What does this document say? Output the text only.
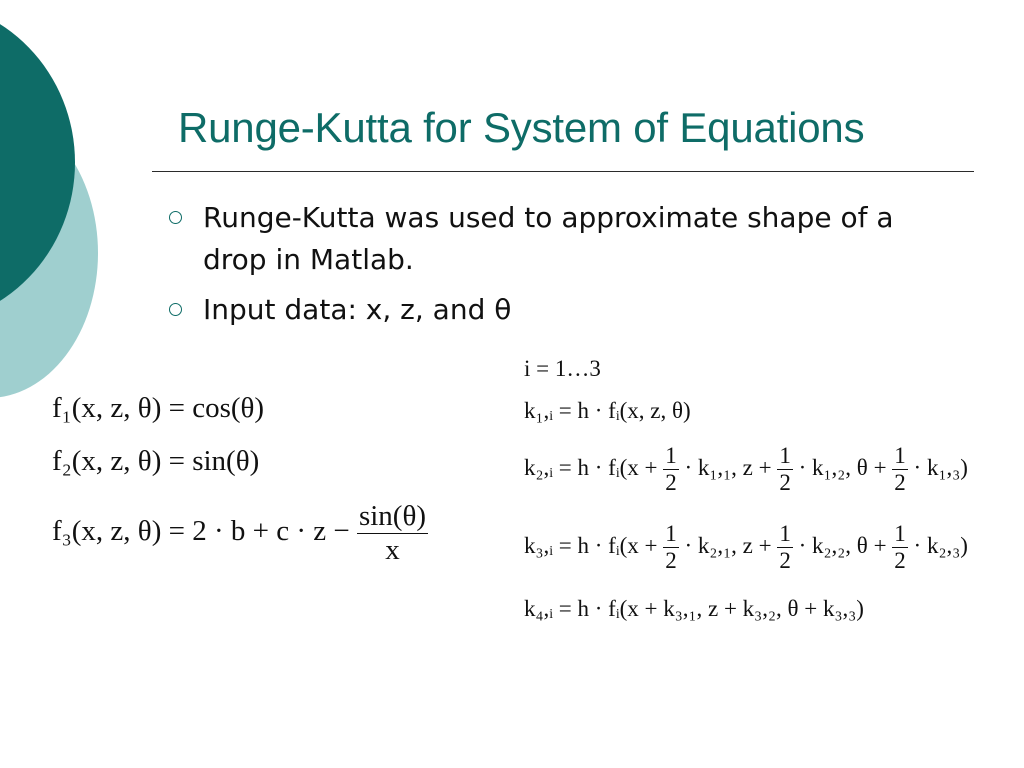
Runge-Kutta for System of Equations
Runge-Kutta was used to approximate shape of a drop in Matlab.
Input data: x, z, and θ
f₁(x, z, θ) = cos(θ)
f₂(x, z, θ) = sin(θ)
f₃(x, z, $\theta) = 2 \cdot b + c \cdot z - \frac{\sin(\theta)}{x}$
i = 1…3
k₁,ᵢ = h · fᵢ(x, z, θ)
k₂,ᵢ = h · fᵢ(x + $\frac{1}{2} \cdot k_1,_1$, $z + \frac{1}{2} \cdot k_1,_2$, $\theta + \frac{1}{2} \cdot k_1,_3$)
k₃,ᵢ = h · fᵢ(x + $\frac{1}{2} \cdot k_2,_1$, $z + \frac{1}{2} \cdot k_2,_2$, $\theta + \frac{1}{2} \cdot k_2,_3$)
k₄,ᵢ = h · fᵢ(x + k₃,₁, z + k₃,₂, θ + k₃,₃)
